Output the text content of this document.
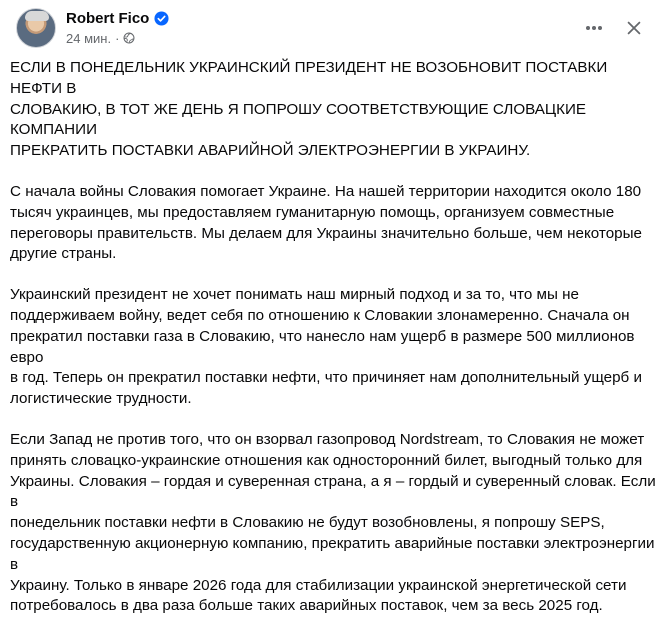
Robert Fico
24 мин. ·

ЕСЛИ В ПОНЕДЕЛЬНИК УКРАИНСКИЙ ПРЕЗИДЕНТ НЕ ВОЗОБНОВИТ ПОСТАВКИ НЕФТИ В
СЛОВАКИЮ, В ТОТ ЖЕ ДЕНЬ Я ПОПРОШУ СООТВЕТСТВУЮЩИЕ СЛОВАЦКИЕ КОМПАНИИ
ПРЕКРАТИТЬ ПОСТАВКИ АВАРИЙНОЙ ЭЛЕКТРОЭНЕРГИИ В УКРАИНУ.

С начала войны Словакия помогает Украине. На нашей территории находится около 180
тысяч украинцев, мы предоставляем гуманитарную помощь, организуем совместные
переговоры правительств. Мы делаем для Украины значительно больше, чем некоторые
другие страны.

Украинский президент не хочет понимать наш мирный подход и за то, что мы не
поддерживаем войну, ведет себя по отношению к Словакии злонамеренно. Сначала он
прекратил поставки газа в Словакию, что нанесло нам ущерб в размере 500 миллионов евро
в год. Теперь он прекратил поставки нефти, что причиняет нам дополнительный ущерб и
логистические трудности.

Если Запад не против того, что он взорвал газопровод Nordstream, то Словакия не может
принять словацко-украинские отношения как односторонний билет, выгодный только для
Украины. Словакия – гордая и суверенная страна, а я – гордый и суверенный словак. Если в
понедельник поставки нефти в Словакию не будут возобновлены, я попрошу SEPS,
государственную акционерную компанию, прекратить аварийные поставки электроэнергии в
Украину. Только в январе 2026 года для стабилизации украинской энергетической сети
потребовалось в два раза больше таких аварийных поставок, чем за весь 2025 год.
